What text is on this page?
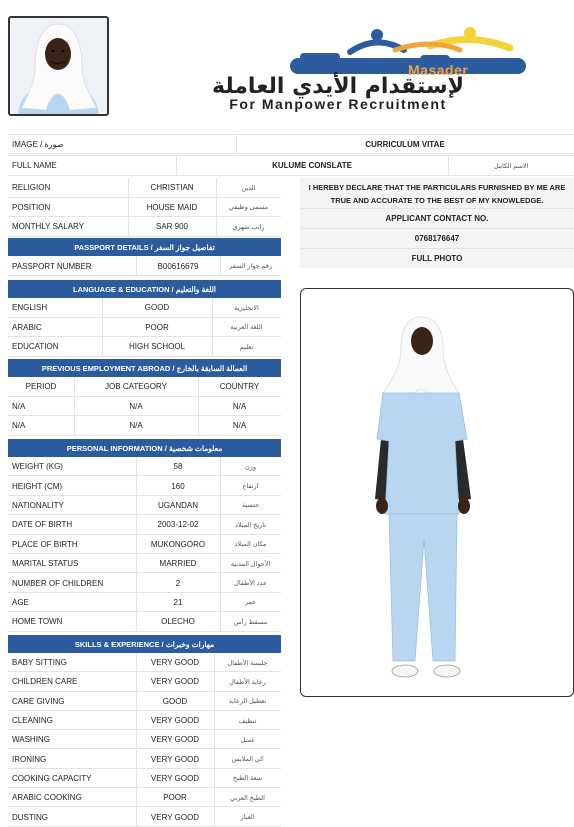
Masader
لإستقدام الأيدي العاملة
For Manpower Recruitment
IMAGE / صورة	CURRICULUM VITAE
FULL NAME	KULUME CONSLATE	الاسم الكامل
RELIGION	CHRISTIAN	الدين
POSITION	HOUSE MAID	مسمى وظيفي
MONTHLY SALARY	SAR 900	راتب شهري
I HEREBY DECLARE THAT THE PARTICULARS FURNISHED BY ME ARE
TRUE AND ACCURATE TO THE BEST OF MY KNOWLEDGE.
APPLICANT CONTACT NO.
0768176647
FULL PHOTO
PASSPORT DETAILS / تفاصيل جواز السفر
PASSPORT NUMBER	B00616679	رقم جواز السفر
LANGUAGE & EDUCATION / اللغة والتعليم
ENGLISH	GOOD	الانجليزية
ARABIC	POOR	اللغة العربية
EDUCATION	HIGH SCHOOL	تعليم
PREVIOUS EMPLOYMENT ABROAD / العمالة السابقة بالخارج
PERIOD	JOB CATEGORY	COUNTRY
N/A	N/A	N/A
N/A	N/A	N/A
PERSONAL INFORMATION / معلومات شخصية
WEIGHT (KG)	58	وزن
HEIGHT (CM)	160	ارتفاع
NATIONALITY	UGANDAN	جنسية
DATE OF BIRTH	2003-12-02	تاريخ الميلاد
PLACE OF BIRTH	MUKONGORO	مكان الميلاد
MARITAL STATUS	MARRIED	الأحوال المدنية
NUMBER OF CHILDREN	2	عدد الأطفال
AGE	21	عمر
HOME TOWN	OLECHO	مسقط رأس
SKILLS & EXPERIENCE / مهارات وخبرات
BABY SITTING	VERY GOOD	جليسة الأطفال
CHILDREN CARE	VERY GOOD	رعاية الأطفال
CARE GIVING	GOOD	تعطيل الرعاية
CLEANING	VERY GOOD	تنظيف
WASHING	VERY GOOD	غسل
IRONING	VERY GOOD	كي الملابس
COOKING CAPACITY	VERY GOOD	سعة الطبخ
ARABIC COOKING	POOR	الطبخ العربي
DUSTING	VERY GOOD	الغبار
